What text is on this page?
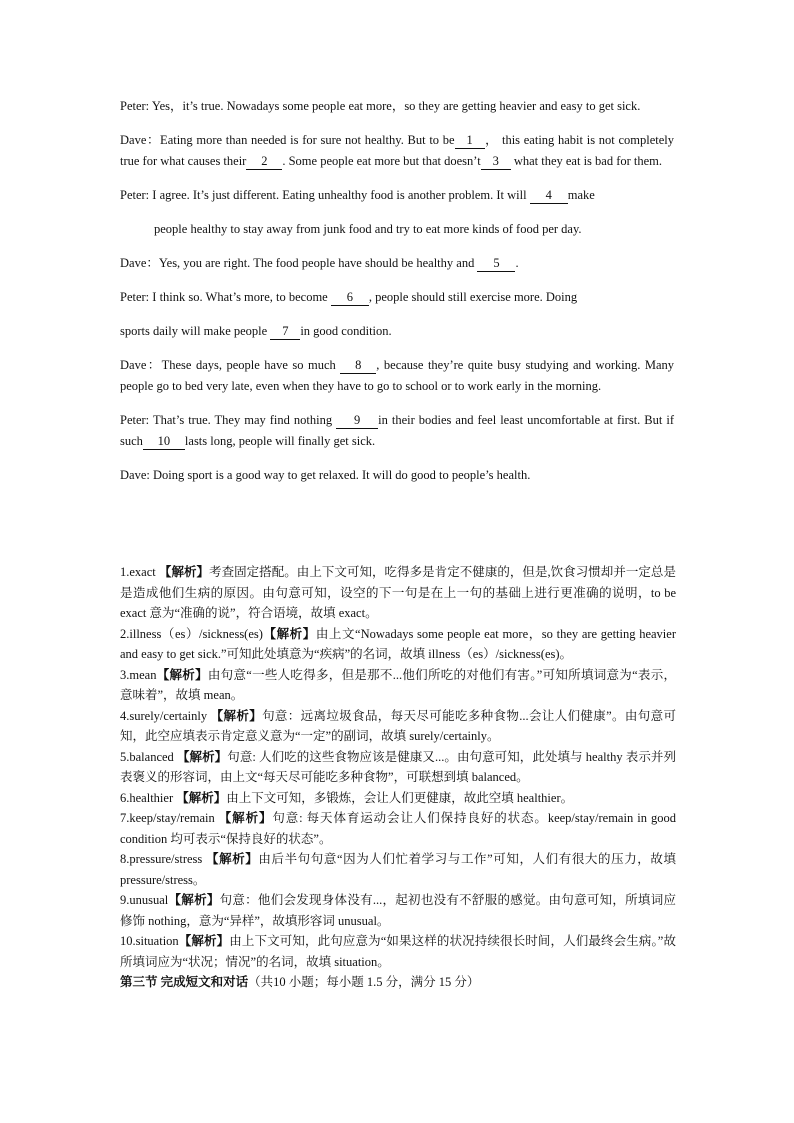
Peter: Yes，it’s true. Nowadays some people eat more，so they are getting heavier and easy to get sick.

Dave：Eating more than needed is for sure not healthy. But to be 1 ， this eating habit is not completely true for what causes their 2 . Some people eat more but that doesn’t 3 what they eat is bad for them.

Peter: I agree. It’s just different. Eating unhealthy food is another problem. It will 4 make

people healthy to stay away from junk food and try to eat more kinds of food per day.

Dave：Yes, you are right. The food people have should be healthy and 5 .

Peter: I think so. What’s more, to become 6 , people should still exercise more. Doing

sports daily will make people 7 in good condition.

Dave：These days, people have so much 8 , because they’re quite busy studying and working. Many people go to bed very late, even when they have to go to school or to work early in the morning.

Peter: That’s true. They may find nothing 9 in their bodies and feel least uncomfortable at first. But if such 10 lasts long, people will finally get sick.

Dave: Doing sport is a good way to get relaxed. It will do good to people’s health.

1.exact 【解析】考查固定搭配。由上下文可知，吃得多是肯定不健康的，但是,饮食习惯却并一定总是是造成他们生病的原因。由句意可知，设空的下一句是在上一句的基础上进行更准确的说明，to be exact 意为“准确的说”，符合语境，故填 exact。

2.illness（es）/sickness(es)【解析】由上文“Nowadays some people eat more，so they are getting heavier and easy to get sick.”可知此处填意为“疾病”的名词，故填 illness（es）/sickness(es)。

3.mean【解析】由句意“一些人吃得多，但是那不...他们所吃的对他们有害。”可知所填词意为“表示，意味着”，故填 mean。

4.surely/certainly 【解析】句意：远离垃圾食品，每天尽可能吃多种食物...会让人们健康”。由句意可知，此空应填表示肯定意义意为“一定”的副词，故填 surely/certainly。

5.balanced 【解析】句意: 人们吃的这些食物应该是健康又...。由句意可知，此处填与 healthy 表示并列表褒义的形容词，由上文“每天尽可能吃多种食物”，可联想到填 balanced。

6.healthier 【解析】由上下文可知，多锻炼，会让人们更健康，故此空填 healthier。

7.keep/stay/remain 【解析】句意: 每天体育运动会让人们保持良好的状态。keep/stay/remain in good condition 均可表示“保持良好的状态”。

8.pressure/stress 【解析】由后半句句意“因为人们忙着学习与工作”可知，人们有很大的压力，故填 pressure/stress。

9.unusual【解析】句意：他们会发现身体没有...，起初也没有不舒服的感觉。由句意可知，所填词应修饰 nothing，意为“异样”，故填形容词 unusual。

10.situation【解析】由上下文可知，此句应意为“如果这样的状况持续很长时间，人们最终会生病。”故所填词应为“状况；情况”的名词，故填 situation。

第三节 完成短文和对话（共10 小题；每小题 1.5 分，满分 15 分）
